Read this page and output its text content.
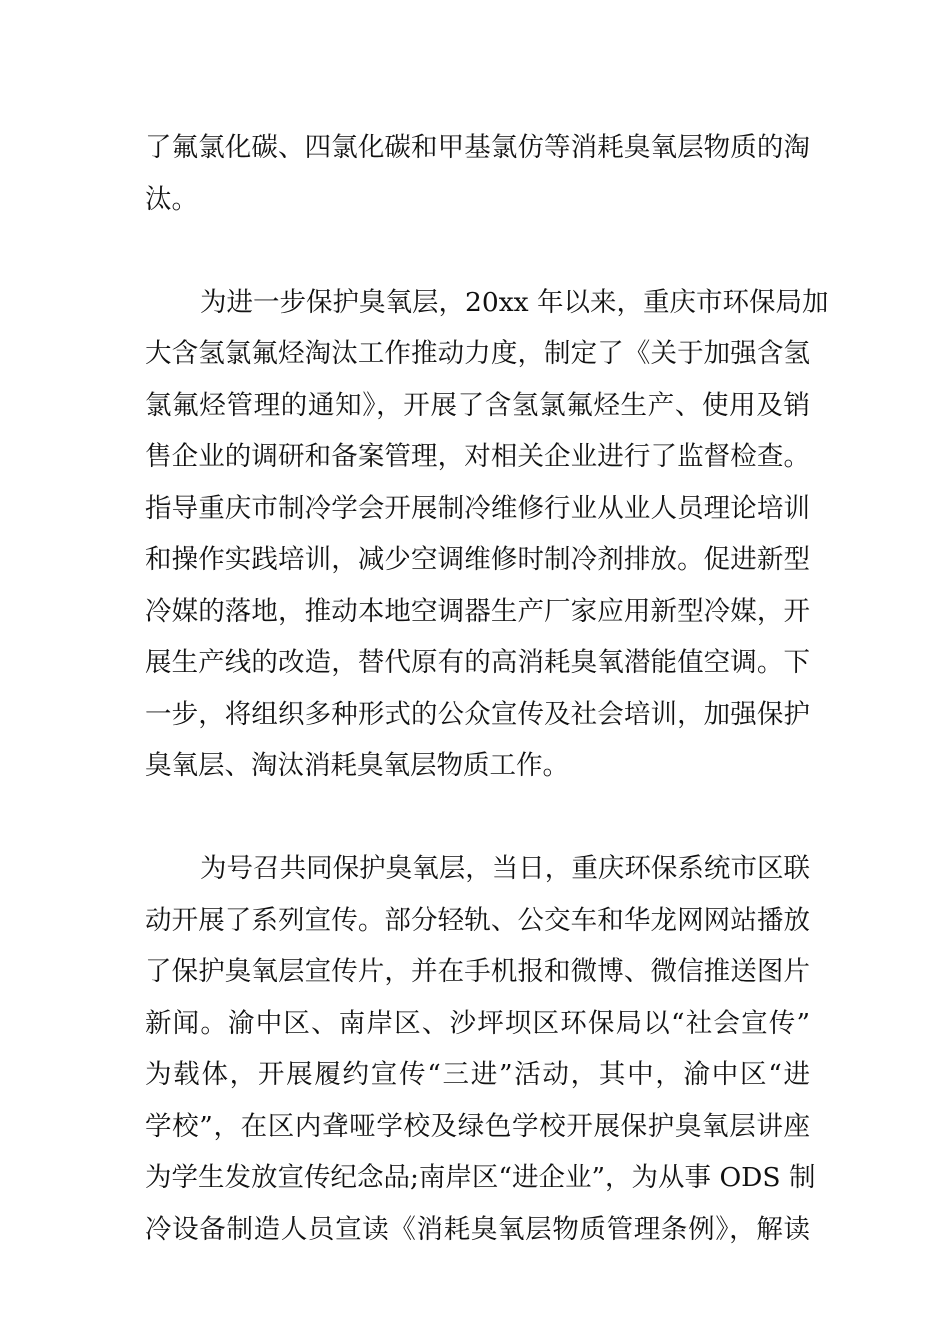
了氟氯化碳、四氯化碳和甲基氯仿等消耗臭氧层物质的淘
汰。
为进一步保护臭氧层，20xx 年以来，重庆市环保局加
大含氢氯氟烃淘汰工作推动力度，制定了《关于加强含氢
氯氟烃管理的通知》，开展了含氢氯氟烃生产、使用及销
售企业的调研和备案管理，对相关企业进行了监督检查。
指导重庆市制冷学会开展制冷维修行业从业人员理论培训
和操作实践培训，减少空调维修时制冷剂排放。促进新型
冷媒的落地，推动本地空调器生产厂家应用新型冷媒，开
展生产线的改造，替代原有的高消耗臭氧潜能值空调。下
一步，将组织多种形式的公众宣传及社会培训，加强保护
臭氧层、淘汰消耗臭氧层物质工作。
为号召共同保护臭氧层，当日，重庆环保系统市区联
动开展了系列宣传。部分轻轨、公交车和华龙网网站播放
了保护臭氧层宣传片，并在手机报和微博、微信推送图片
新闻。渝中区、南岸区、沙坪坝区环保局以“社会宣传”
为载体，开展履约宣传“三进”活动，其中，渝中区“进
学校”，在区内聋哑学校及绿色学校开展保护臭氧层讲座
为学生发放宣传纪念品;南岸区“进企业”，为从事 ODS 制
冷设备制造人员宣读《消耗臭氧层物质管理条例》，解读
